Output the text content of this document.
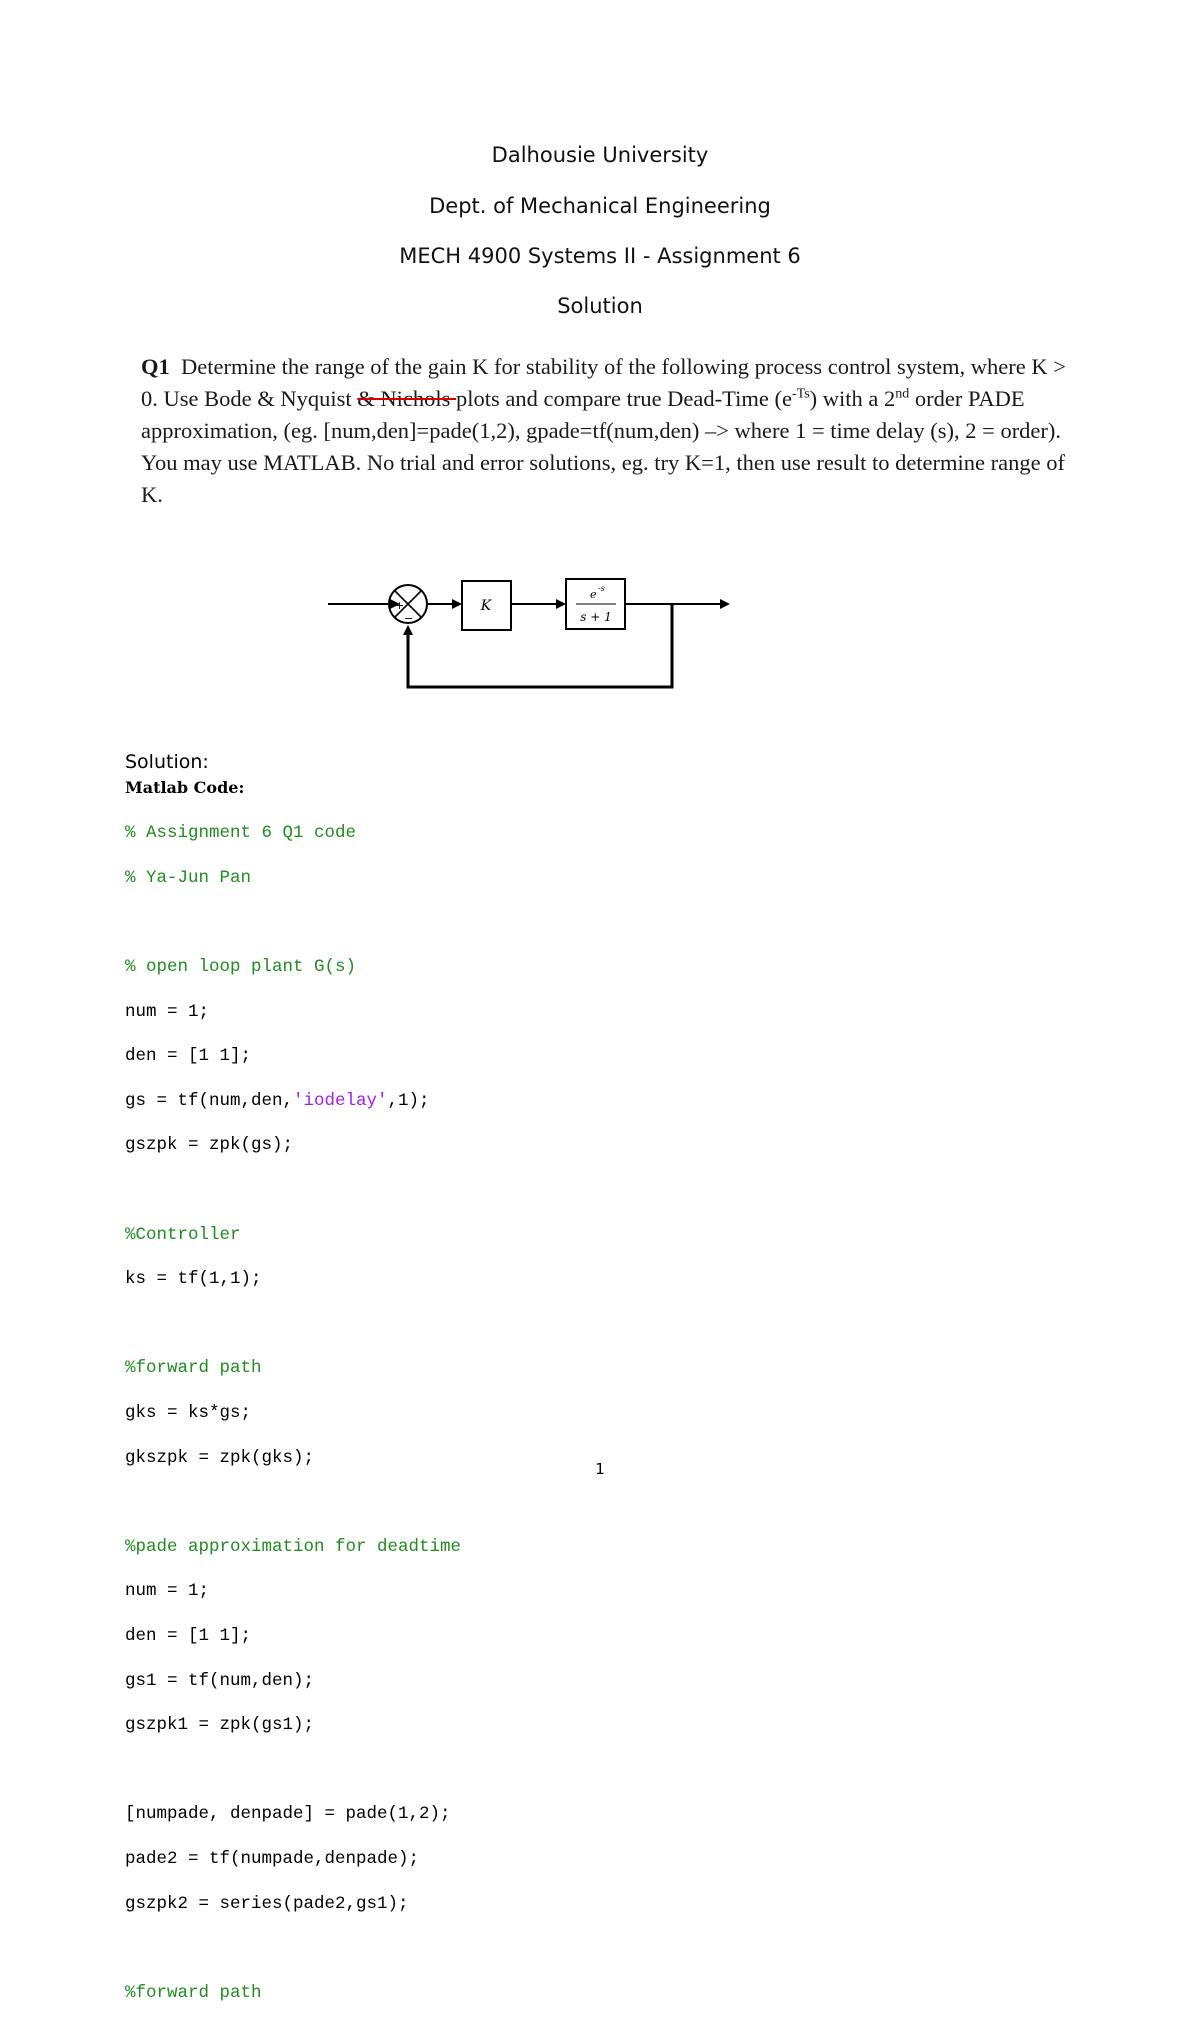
Dalhousie University
Dept. of Mechanical Engineering
MECH 4900 Systems II - Assignment 6
Solution
Q1 Determine the range of the gain K for stability of the following process control system, where K > 0. Use Bode & Nyquist & Nichols plots and compare true Dead-Time $(e^{-Ts})$ with a 2nd order PADE approximation, (eg. [num,den]=pade(1,2), gpade=tf(num,den) –> where 1 = time delay (s), 2 = order). You may use MATLAB. No trial and error solutions, eg. try K=1, then use result to determine range of K.
+
−
K
e -s
s + 1
Solution:
Matlab Code:

% Assignment 6 Q1 code

% Ya-Jun Pan

% open loop plant G(s)

num = 1;

den = [1 1];

gs = tf(num,den,'iodelay',1);

gszpk = zpk(gs);

%Controller

ks = tf(1,1);

%forward path

gks = ks*gs;

gkszpk = zpk(gks);

%pade approximation for deadtime

num = 1;

den = [1 1];

gs1 = tf(num,den);

gszpk1 = zpk(gs1);

[numpade, denpade] = pade(1,2);

pade2 = tf(numpade,denpade);

gszpk2 = series(pade2,gs1);

%forward path

1
